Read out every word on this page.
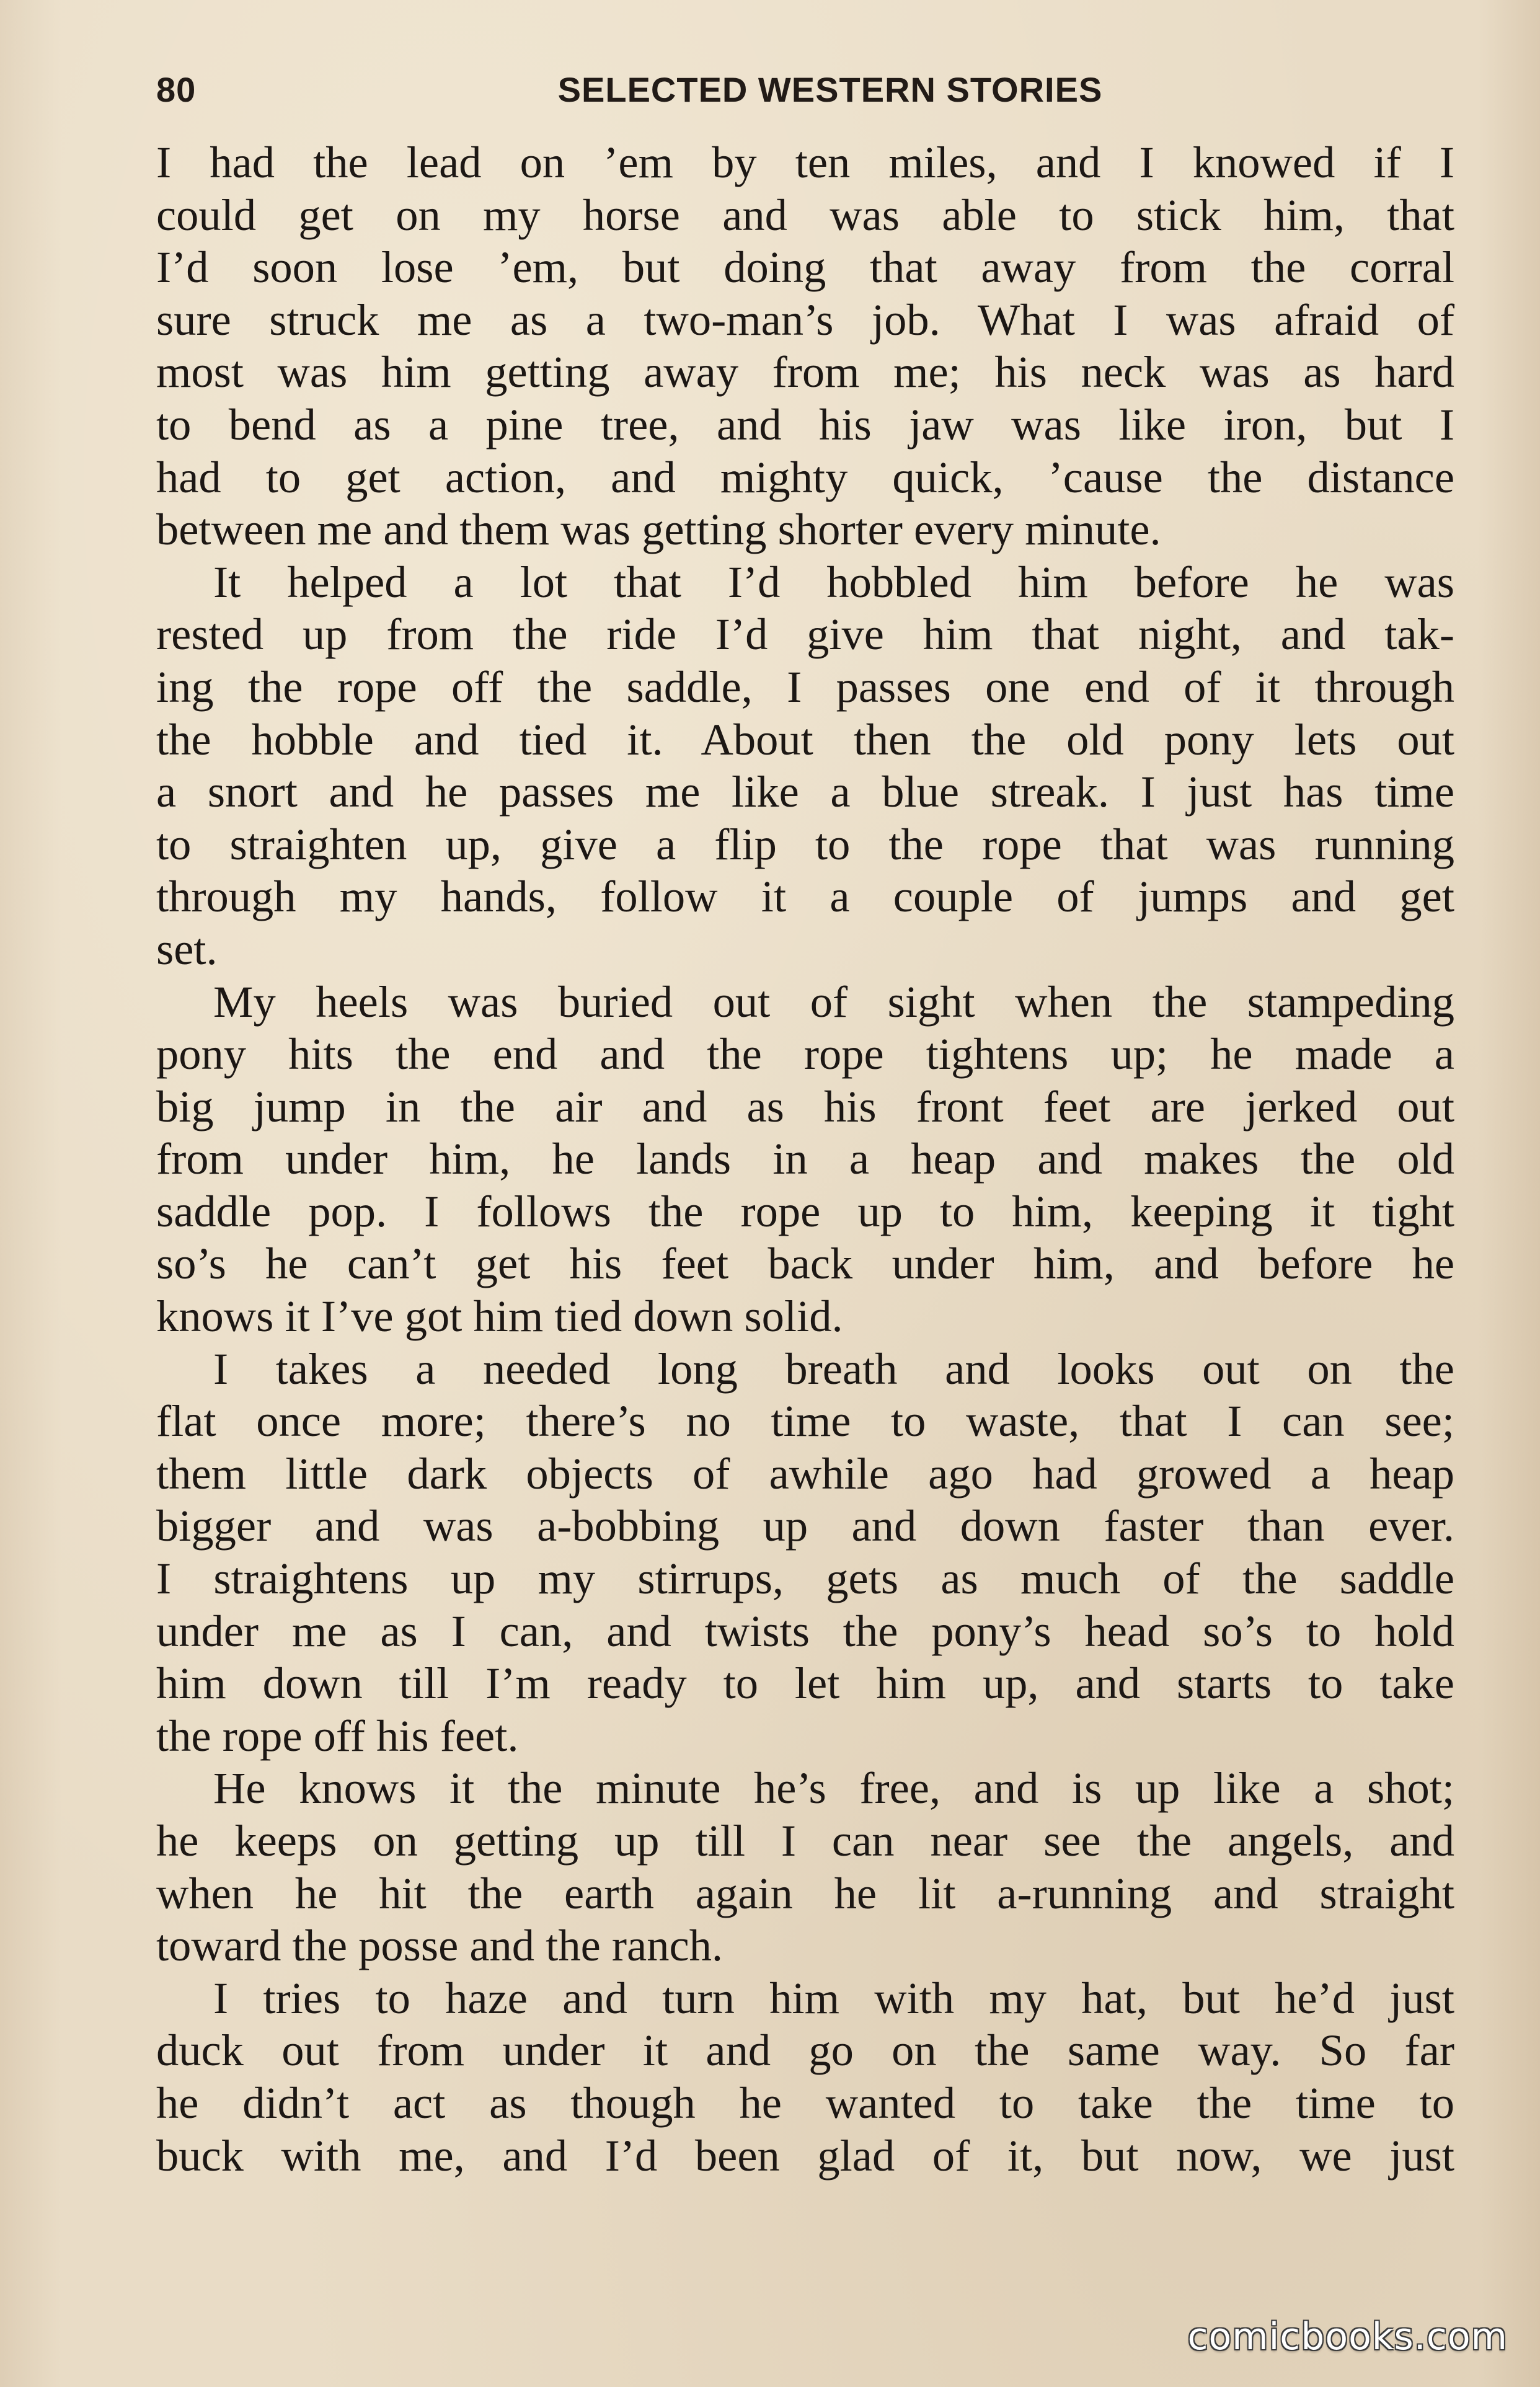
80	SELECTED WESTERN STORIES
I had the lead on ’em by ten miles, and I knowed if I
could get on my horse and was able to stick him, that
I’d soon lose ’em, but doing that away from the corral
sure struck me as a two-man’s job. What I was afraid of
most was him getting away from me; his neck was as hard
to bend as a pine tree, and his jaw was like iron, but I
had to get action, and mighty quick, ’cause the distance
between me and them was getting shorter every minute.
It helped a lot that I’d hobbled him before he was
rested up from the ride I’d give him that night, and tak-
ing the rope off the saddle, I passes one end of it through
the hobble and tied it. About then the old pony lets out
a snort and he passes me like a blue streak. I just has time
to straighten up, give a flip to the rope that was running
through my hands, follow it a couple of jumps and get
set.
My heels was buried out of sight when the stampeding
pony hits the end and the rope tightens up; he made a
big jump in the air and as his front feet are jerked out
from under him, he lands in a heap and makes the old
saddle pop. I follows the rope up to him, keeping it tight
so’s he can’t get his feet back under him, and before he
knows it I’ve got him tied down solid.
I takes a needed long breath and looks out on the
flat once more; there’s no time to waste, that I can see;
them little dark objects of awhile ago had growed a heap
bigger and was a-bobbing up and down faster than ever.
I straightens up my stirrups, gets as much of the saddle
under me as I can, and twists the pony’s head so’s to hold
him down till I’m ready to let him up, and starts to take
the rope off his feet.
He knows it the minute he’s free, and is up like a shot;
he keeps on getting up till I can near see the angels, and
when he hit the earth again he lit a-running and straight
toward the posse and the ranch.
I tries to haze and turn him with my hat, but he’d just
duck out from under it and go on the same way. So far
he didn’t act as though he wanted to take the time to
buck with me, and I’d been glad of it, but now, we just
comicbooks.com
